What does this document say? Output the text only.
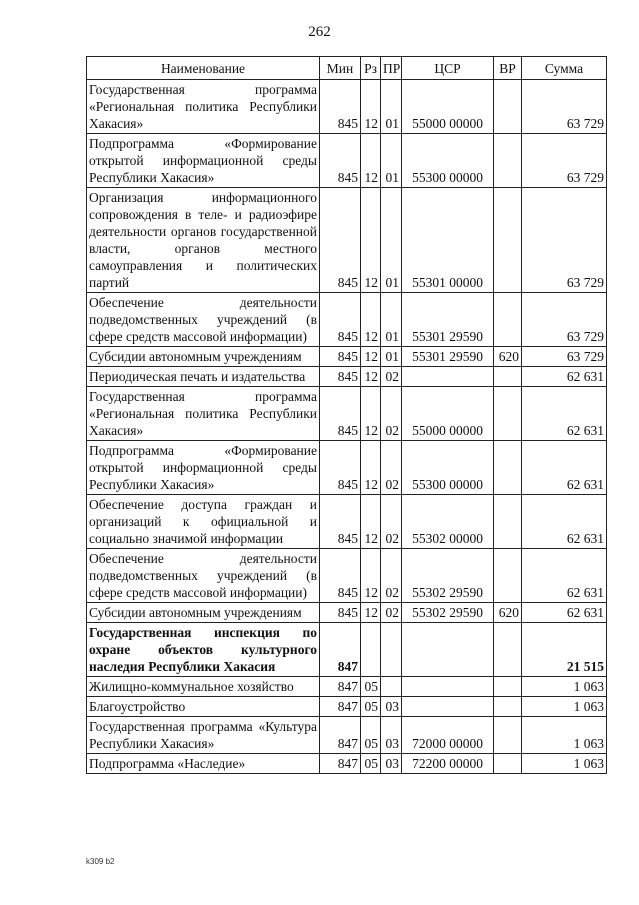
262
Наименование	Мин	Рз	ПР	ЦСР	ВР	Сумма
Государственная программа «Региональная политика Республики Хакасия»	845	12	01	55000 00000		63 729
Подпрограмма «Формирование открытой информационной среды Республики Хакасия»	845	12	01	55300 00000		63 729
Организация информационного сопровождения в теле- и радиоэфире деятельности органов государственной власти, органов местного самоуправления и политических партий	845	12	01	55301 00000		63 729
Обеспечение деятельности подведомственных учреждений (в сфере средств массовой информации)	845	12	01	55301 29590		63 729
Субсидии автономным учреждениям	845	12	01	55301 29590	620	63 729
Периодическая печать и издательства	845	12	02			62 631
Государственная программа «Региональная политика Республики Хакасия»	845	12	02	55000 00000		62 631
Подпрограмма «Формирование открытой информационной среды Республики Хакасия»	845	12	02	55300 00000		62 631
Обеспечение доступа граждан и организаций к официальной и социально значимой информации	845	12	02	55302 00000		62 631
Обеспечение деятельности подведомственных учреждений (в сфере средств массовой информации)	845	12	02	55302 29590		62 631
Субсидии автономным учреждениям	845	12	02	55302 29590	620	62 631
Государственная инспекция по охране объектов культурного наследия Республики Хакасия	847					21 515
Жилищно-коммунальное хозяйство	847	05				1 063
Благоустройство	847	05	03			1 063
Государственная программа «Культура Республики Хакасия»	847	05	03	72000 00000		1 063
Подпрограмма «Наследие»	847	05	03	72200 00000		1 063
k309 b2
